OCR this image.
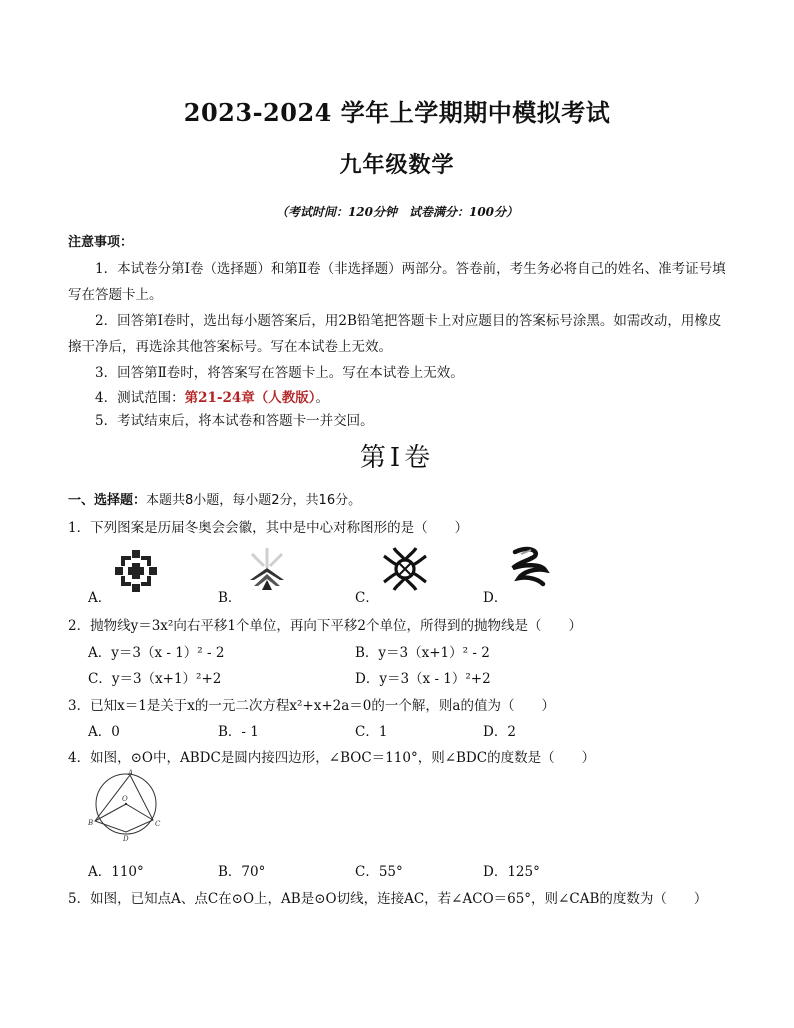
2023-2024 学年上学期期中模拟考试
九年级数学
（考试时间：120分钟　试卷满分：100分）
注意事项：
1．本试卷分第Ⅰ卷（选择题）和第Ⅱ卷（非选择题）两部分。答卷前，考生务必将自己的姓名、准考证号填写在答题卡上。
2．回答第Ⅰ卷时，选出每小题答案后，用2B铅笔把答题卡上对应题目的答案标号涂黑。如需改动，用橡皮擦干净后，再选涂其他答案标号。写在本试卷上无效。
3．回答第Ⅱ卷时，将答案写在答题卡上。写在本试卷上无效。
4．测试范围：第21-24章（人教版）。
5．考试结束后，将本试卷和答题卡一并交回。
第Ⅰ卷
一、选择题：本题共8小题，每小题2分，共16分。
1．下列图案是历届冬奥会会徽，其中是中心对称图形的是（　　）
A．	B．	C．	D．
2．抛物线y＝3x²向右平移1个单位，再向下平移2个单位，所得到的抛物线是（　　）
A．y＝3（x - 1）² - 2	B．y＝3（x+1）² - 2
C．y＝3（x+1）²+2	D．y＝3（x - 1）²+2
3．已知x＝1是关于x的一元二次方程x²+x+2a＝0的一个解，则a的值为（　　）
A．0	B．- 1	C．1	D．2
4．如图，⊙O中，ABDC是圆内接四边形，∠BOC＝110°，则∠BDC的度数是（　　）
A
O
B	C
D
A．110°	B．70°	C．55°	D．125°
5．如图，已知点A、点C在⊙O上，AB是⊙O切线，连接AC，若∠ACO＝65°，则∠CAB的度数为（　　）
